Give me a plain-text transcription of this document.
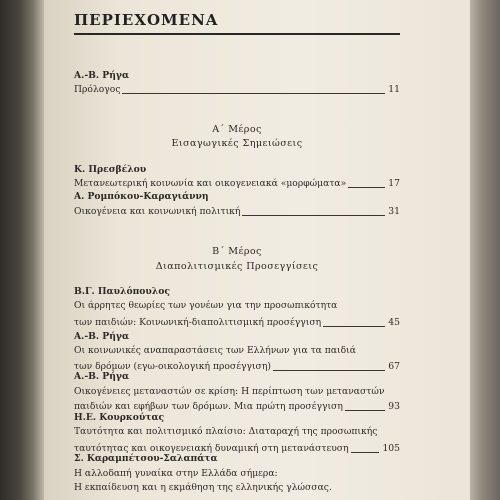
ΠΕΡΙΕΧΟΜΕΝΑ
Α.-Β. Ρήγα
Πρόλογος	11
Α΄ Μέρος
Εισαγωγικές Σημειώσεις
Κ. Πρεσβέλου
Μετανεωτερική κοινωνία και οικογενειακά «μορφώματα»	17
Α. Ρομπόκου-Καραγιάννη
Οικογένεια και κοινωνική πολιτική	31
Β΄ Μέρος
Διαπολιτισμικές Προσεγγίσεις
Β.Γ. Παυλόπουλος
Οι άρρητες θεωρίες των γονέων για την προσωπικότητα
των παιδιών: Κοινωνική-διαπολιτισμική προσέγγιση	45
Α.-Β. Ρήγα
Οι κοινωνικές αναπαραστάσεις των Ελλήνων για τα παιδιά
των δρόμων (εγω-οικολογική προσέγγιση)	67
Α.-Β. Ρήγα
Οικογένειες μεταναστών σε κρίση: Η περίπτωση των μεταναστών
παιδιών και εφήβων των δρόμων. Μια πρώτη προσέγγιση	93
Η.Ε. Κουρκούτας
Ταυτότητα και πολιτισμικό πλαίσιο: Διαταραχή της προσωπικής
ταυτότητας και οικογενειακή δυναμική στη μετανάστευση	105
Σ. Καραμπέτσου-Σαλαπάτα
Η αλλοδαπή γυναίκα στην Ελλάδα σήμερα:
Η εκπαίδευση και η εκμάθηση της ελληνικής γλώσσας.
